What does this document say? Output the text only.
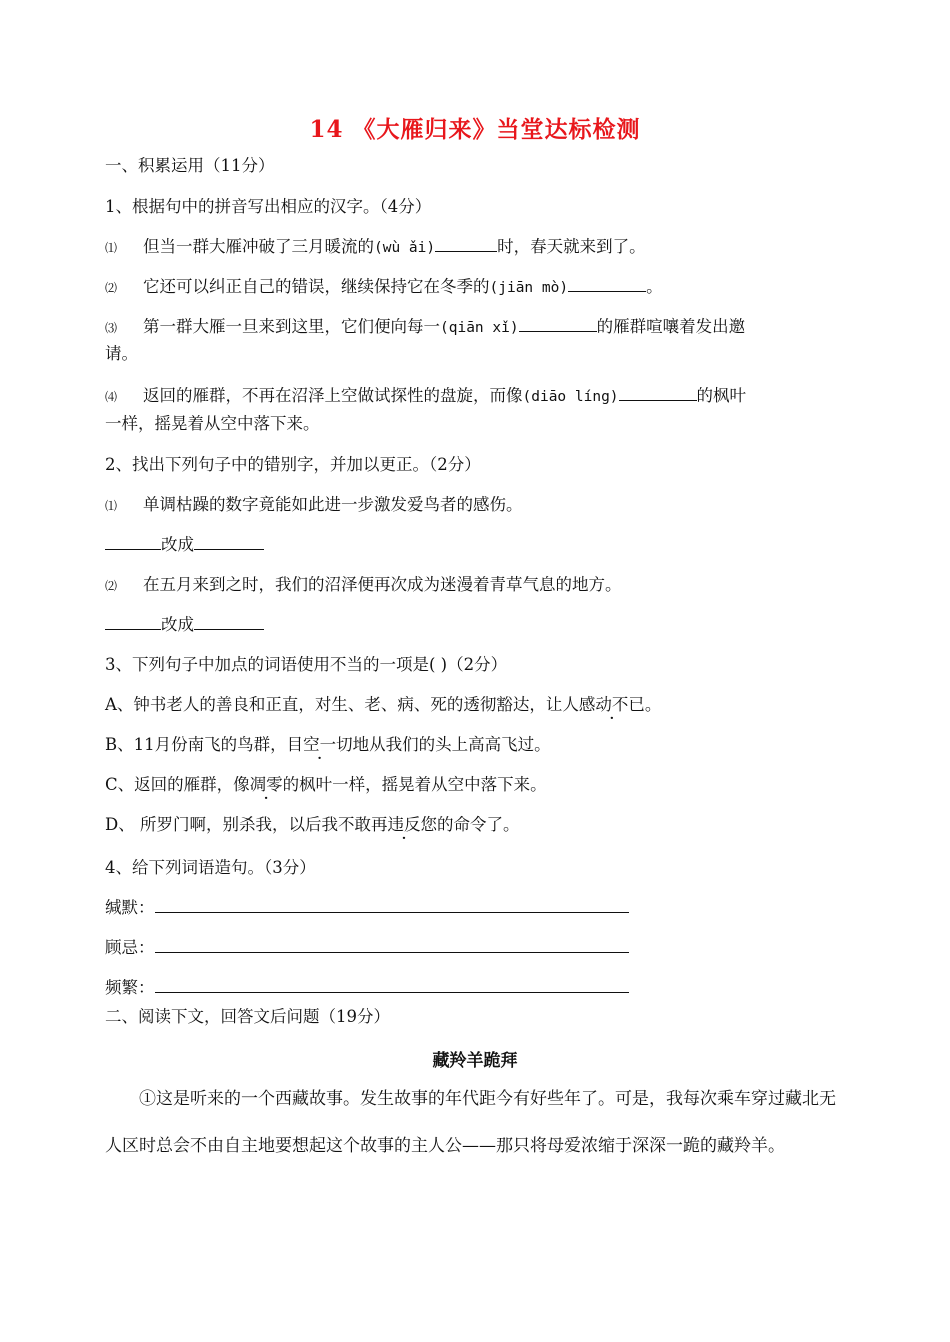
14 《大雁归来》当堂达标检测
一、积累运用（11分）
1、根据句中的拼音写出相应的汉字。（4分）
⑴ 但当一群大雁冲破了三月暖流的(wù ǎi)	时，春天就来到了。
⑵ 它还可以纠正自己的错误，继续保持它在冬季的(jiān mò)	。
⑶ 第一群大雁一旦来到这里，它们便向每一(qiān xǐ)	的雁群喧嚷着发出邀
请。
⑷ 返回的雁群，不再在沼泽上空做试探性的盘旋，而像(diāo líng)	的枫叶
一样，摇晃着从空中落下来。
2、找出下列句子中的错别字，并加以更正。（2分）
⑴ 单调枯躁的数字竟能如此进一步激发爱鸟者的感伤。
改成
⑵ 在五月来到之时，我们的沼泽便再次成为迷漫着青草气息的地方。
改成
3、下列句子中加点的词语使用不当的一项是( )（2分）
A、钟书老人的善良和正直，对生、老、病、死的透彻豁达，让人感动不已。
B、11月份南飞的鸟群，目空一切地从我们的头上高高飞过。
C、返回的雁群，像凋零的枫叶一样，摇晃着从空中落下来。
D、 所罗门啊，别杀我，以后我不敢再违反您的命令了。
4、给下列词语造句。（3分）
缄默：
顾忌：
频繁：
二、阅读下文，回答文后问题（19分）
藏羚羊跪拜
①这是听来的一个西藏故事。发生故事的年代距今有好些年了。可是，我每次乘车穿过藏北无人区时总会不由自主地要想起这个故事的主人公——那只将母爱浓缩于深深一跪的藏羚羊。
